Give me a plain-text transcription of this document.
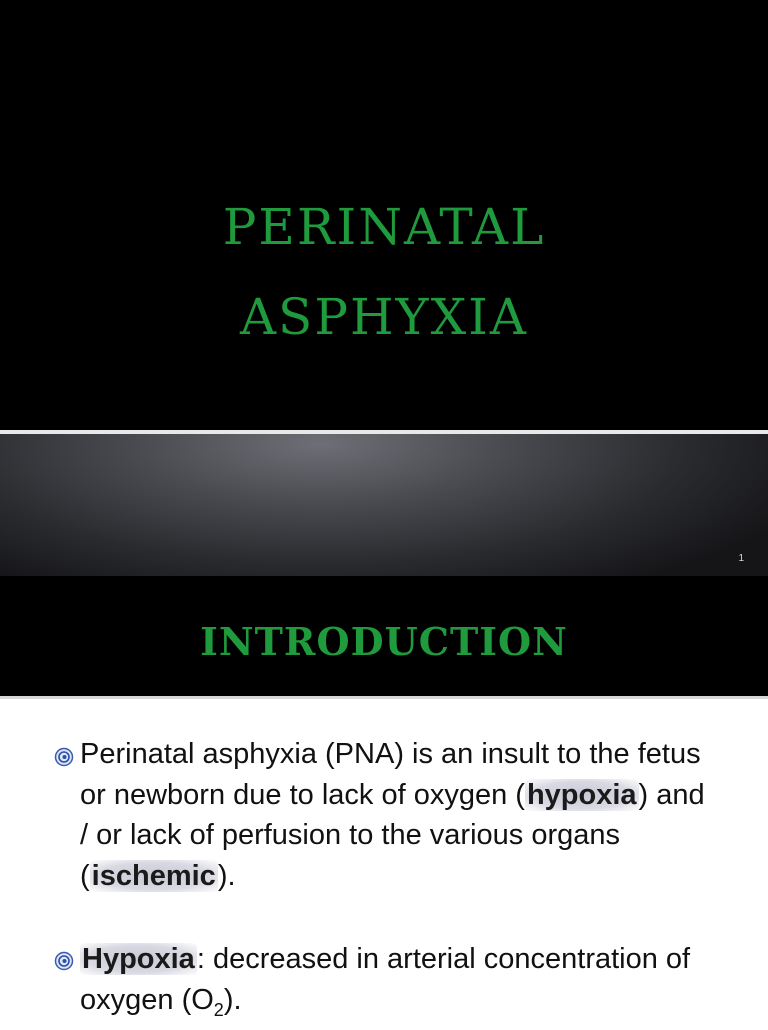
PERINATAL
ASPHYXIA
1
INTRODUCTION
Perinatal asphyxia (PNA) is an insult to the fetus or newborn due to lack of oxygen (hypoxia) and / or lack of perfusion to the various organs (ischemic).
Hypoxia: decreased in arterial concentration of oxygen $(O_2)$.
